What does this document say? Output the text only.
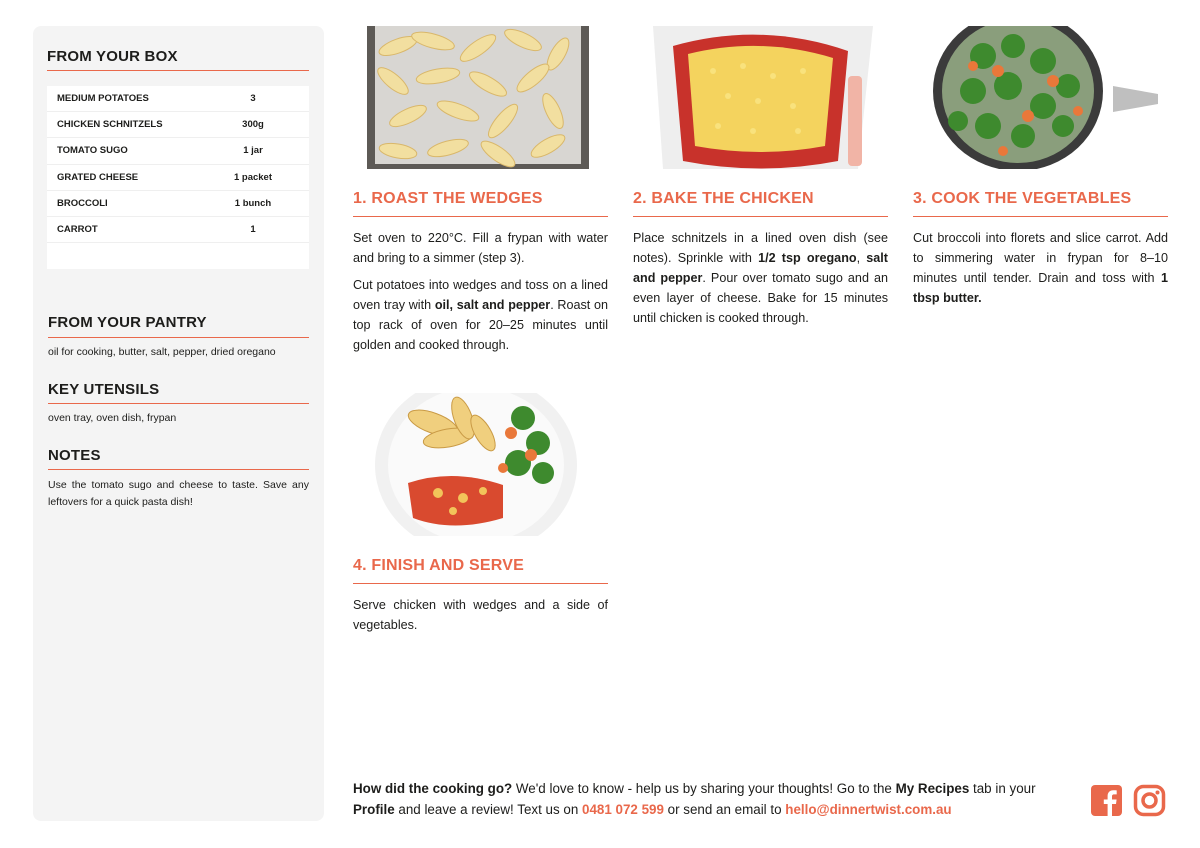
FROM YOUR BOX
MEDIUM POTATOES	3
CHICKEN SCHNITZELS	300g
TOMATO SUGO	1 jar
GRATED CHEESE	1 packet
BROCCOLI	1 bunch
CARROT	1
FROM YOUR PANTRY
oil for cooking, butter, salt, pepper, dried oregano
KEY UTENSILS
oven tray, oven dish, frypan
NOTES
Use the tomato sugo and cheese to taste. Save any leftovers for a quick pasta dish!
1. ROAST THE WEDGES

Set oven to 220°C. Fill a frypan with water and bring to a simmer (step 3).

Cut potatoes into wedges and toss on a lined oven tray with oil, salt and pepper. Roast on top rack of oven for 20–25 minutes until golden and cooked through.

2. BAKE THE CHICKEN

Place schnitzels in a lined oven dish (see notes). Sprinkle with 1/2 tsp oregano, salt and pepper. Pour over tomato sugo and an even layer of cheese. Bake for 15 minutes until chicken is cooked through.

3. COOK THE VEGETABLES

Cut broccoli into florets and slice carrot. Add to simmering water in frypan for 8–10 minutes until tender. Drain and toss with 1 tbsp butter.

4. FINISH AND SERVE

Serve chicken with wedges and a side of vegetables.

How did the cooking go? We'd love to know - help us by sharing your thoughts! Go to the My Recipes tab in your Profile and leave a review! Text us on 0481 072 599 or send an email to hello@dinnertwist.com.au
